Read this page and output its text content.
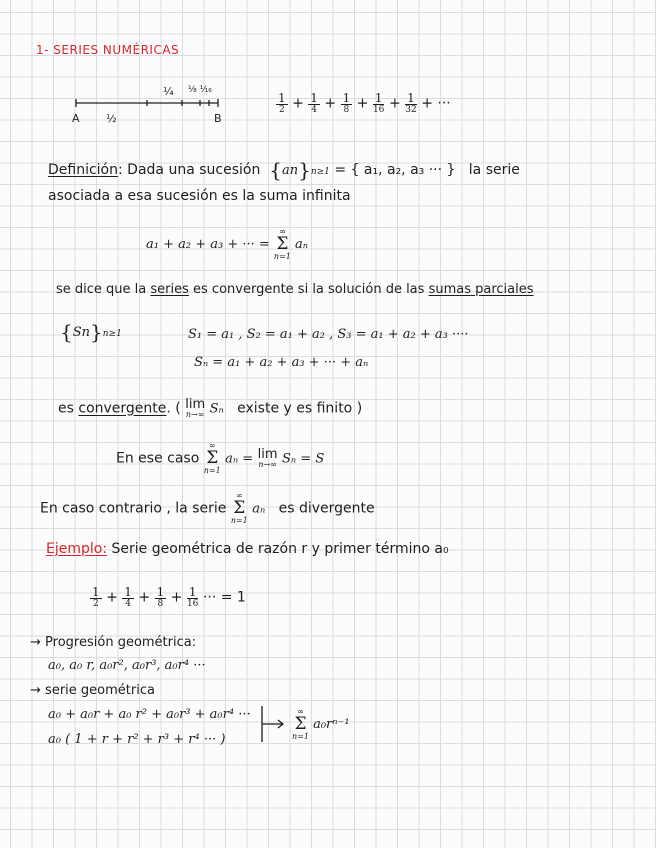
1- SERIES NUMÉRICAS
A ½	B
¼ ⅛ ⅟₁₆
$\frac{1}{2} + \frac{1}{4} + \frac{1}{8} + \frac{1}{16} + \frac{1}{32}$ + ···
Definición: Dada una sucesión {an}n≥1 = { a₁, a₂, a₃ ··· } la serie
asociada a esa sucesión es la suma infinita
a₁ + a₂ + a₃ + ··· =
∞
Σ
n=1
aₙ
se dice que la series es convergente si la solución de las sumas parciales
{Sn}n≥1	S₁ = a₁ , S₂ = a₁ + a₂ , S₃ = a₁ + a₂ + a₃ ····
Sₙ = a₁ + a₂ + a₃ + ··· + aₙ
es convergente. ( lim
n→∞ Sₙ existe y es finito )
En ese caso
∞
Σ
n=1
aₙ = lim
n→∞ Sₙ = S
En caso contrario , la serie
∞
Σ
n=1
aₙ es divergente
Ejemplo: Serie geométrica de razón r y primer término a₀
$\frac{1}{2} + \frac{1}{4} + \frac{1}{8} + \frac{1}{16}$ ··· = 1
→ Progresión geométrica:
a₀, a₀ r, a₀r², a₀r³, a₀r⁴ ···
→ serie geométrica
a₀ + a₀r + a₀ r² + a₀r³ + a₀r⁴ ···
a₀ ( 1 + r + r² + r³ + r⁴ ··· )
∞
Σ
n=1
a₀rⁿ⁻¹
